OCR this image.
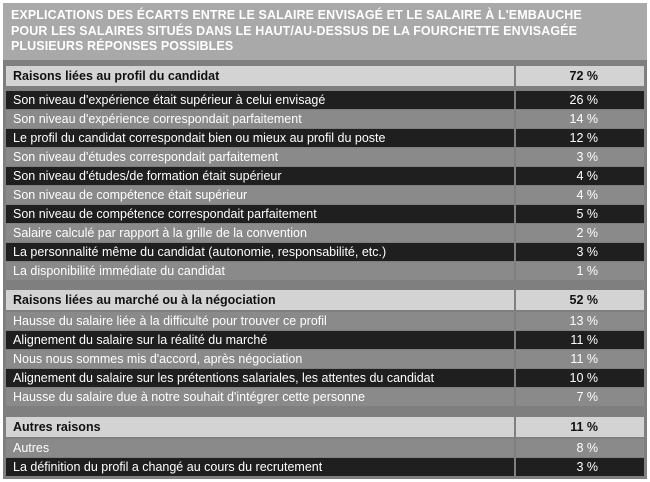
EXPLICATIONS DES ÉCARTS ENTRE LE SALAIRE ENVISAGÉ ET LE SALAIRE À L'EMBAUCHE
POUR LES SALAIRES SITUÉS DANS LE HAUT/AU-DESSUS DE LA FOURCHETTE ENVISAGÉE
PLUSIEURS RÉPONSES POSSIBLES
Raisons liées au profil du candidat	72 %
Son niveau d'expérience était supérieur à celui envisagé	26 %
Son niveau d'expérience correspondait parfaitement	14 %
Le profil du candidat correspondait bien ou mieux au profil du poste	12 %
Son niveau d'études correspondait parfaitement	3 %
Son niveau d'études/de formation était supérieur	4 %
Son niveau de compétence était supérieur	4 %
Son niveau de compétence correspondait parfaitement	5 %
Salaire calculé par rapport à la grille de la convention	2 %
La personnalité même du candidat (autonomie, responsabilité, etc.)	3 %
La disponibilité immédiate du candidat	1 %
Raisons liées au marché ou à la négociation	52 %
Hausse du salaire liée à la difficulté pour trouver ce profil	13 %
Alignement du salaire sur la réalité du marché	11 %
Nous nous sommes mis d'accord, après négociation	11 %
Alignement du salaire sur les prétentions salariales, les attentes du candidat	10 %
Hausse du salaire due à notre souhait d'intégrer cette personne	7 %
Autres raisons	11 %
Autres	8 %
La définition du profil a changé au cours du recrutement	3 %
